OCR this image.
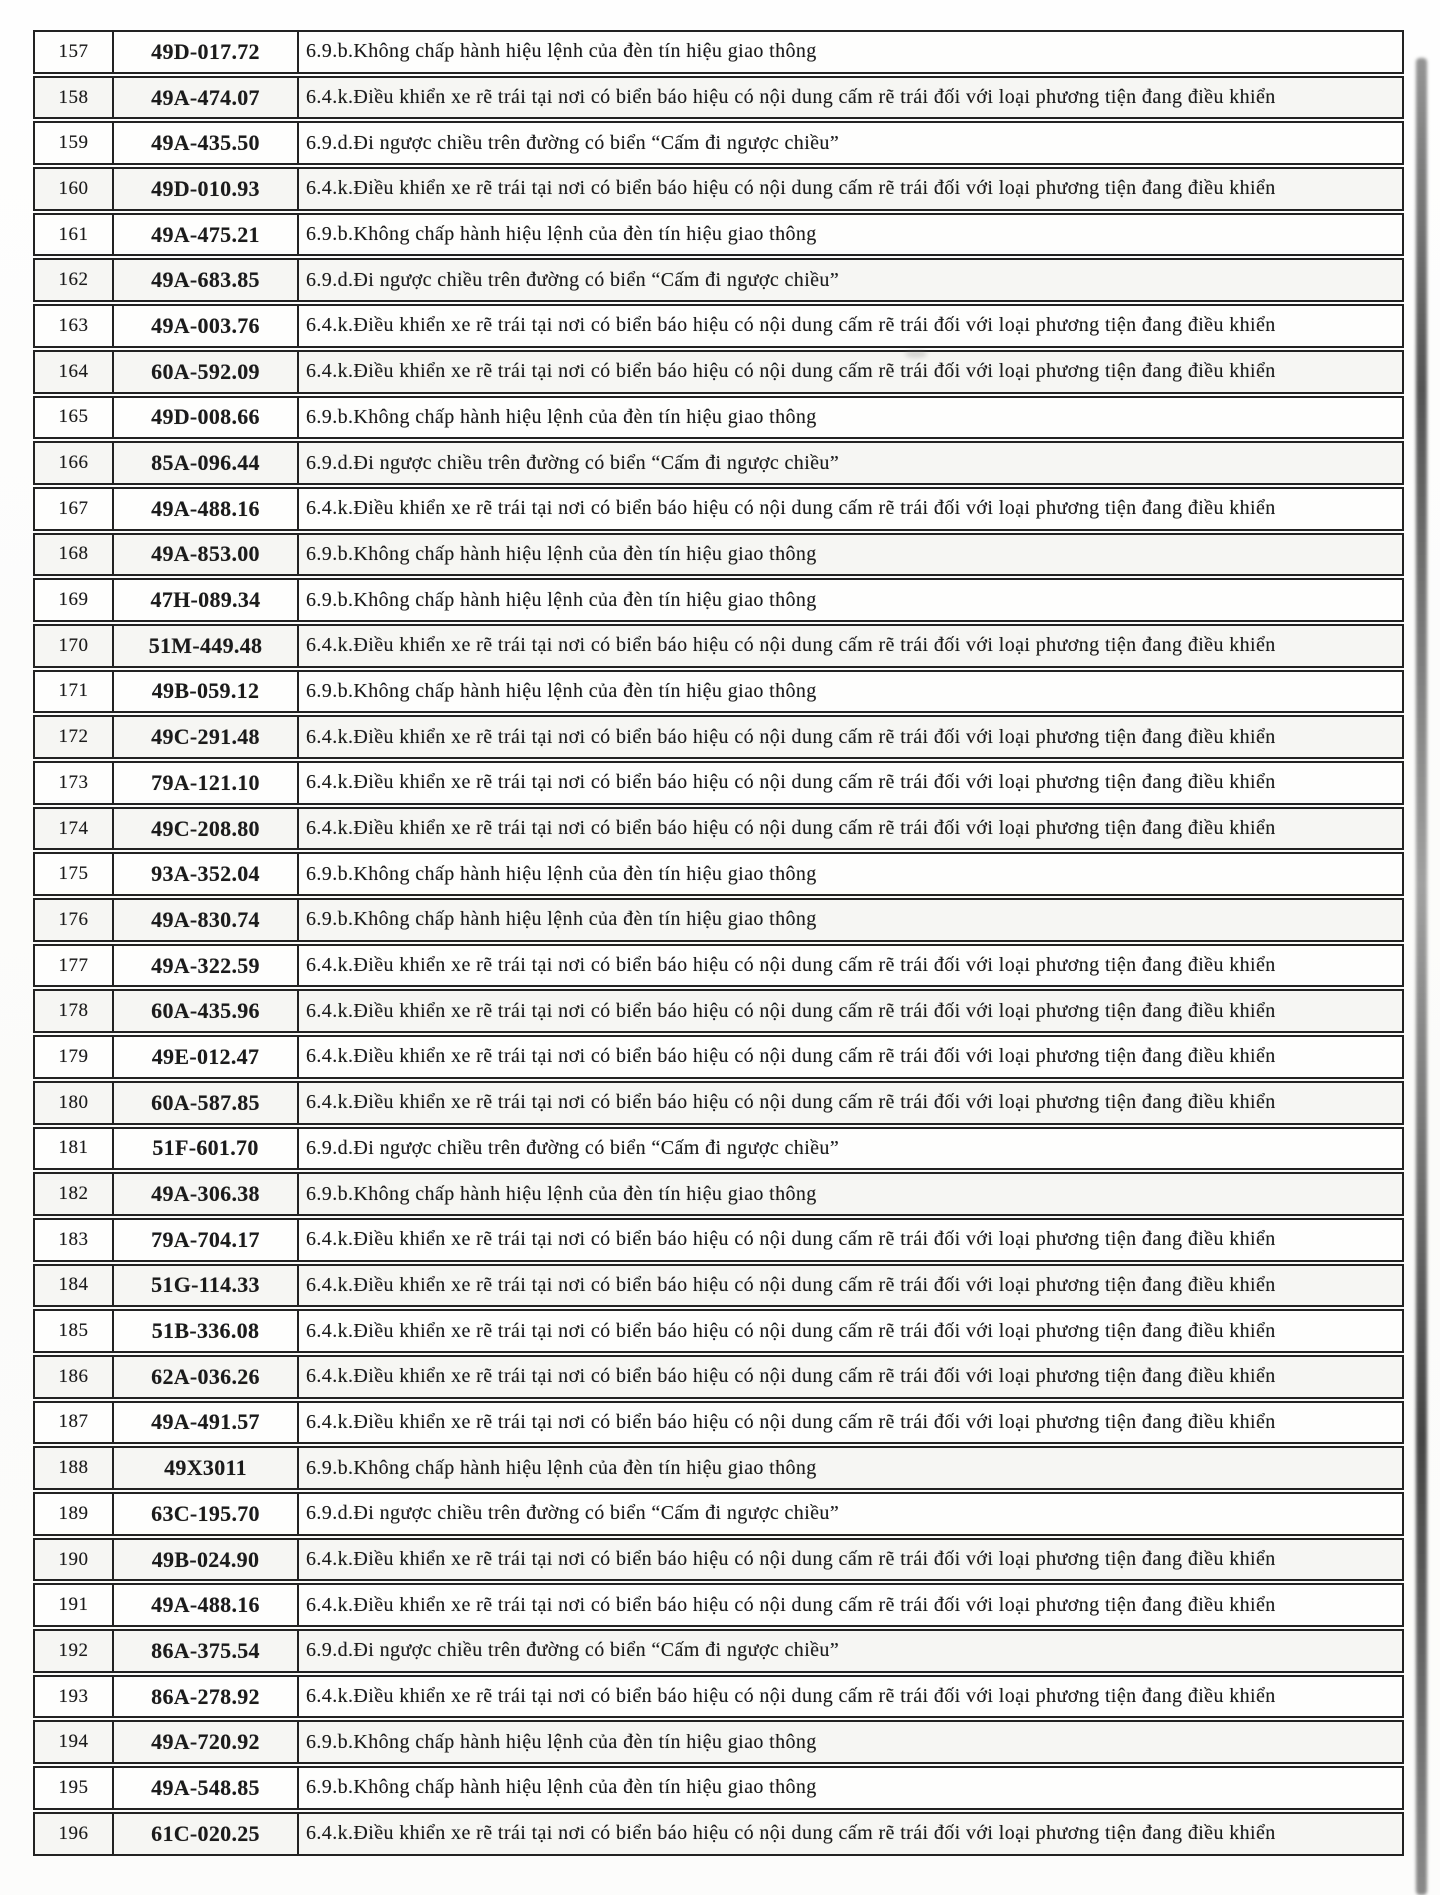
157	49D-017.72	6.9.b.Không chấp hành hiệu lệnh của đèn tín hiệu giao thông
158	49A-474.07	6.4.k.Điều khiển xe rẽ trái tại nơi có biển báo hiệu có nội dung cấm rẽ trái đối với loại phương tiện đang điều khiển
159	49A-435.50	6.9.d.Đi ngược chiều trên đường có biển “Cấm đi ngược chiều”
160	49D-010.93	6.4.k.Điều khiển xe rẽ trái tại nơi có biển báo hiệu có nội dung cấm rẽ trái đối với loại phương tiện đang điều khiển
161	49A-475.21	6.9.b.Không chấp hành hiệu lệnh của đèn tín hiệu giao thông
162	49A-683.85	6.9.d.Đi ngược chiều trên đường có biển “Cấm đi ngược chiều”
163	49A-003.76	6.4.k.Điều khiển xe rẽ trái tại nơi có biển báo hiệu có nội dung cấm rẽ trái đối với loại phương tiện đang điều khiển
164	60A-592.09	6.4.k.Điều khiển xe rẽ trái tại nơi có biển báo hiệu có nội dung cấm rẽ trái đối với loại phương tiện đang điều khiển
165	49D-008.66	6.9.b.Không chấp hành hiệu lệnh của đèn tín hiệu giao thông
166	85A-096.44	6.9.d.Đi ngược chiều trên đường có biển “Cấm đi ngược chiều”
167	49A-488.16	6.4.k.Điều khiển xe rẽ trái tại nơi có biển báo hiệu có nội dung cấm rẽ trái đối với loại phương tiện đang điều khiển
168	49A-853.00	6.9.b.Không chấp hành hiệu lệnh của đèn tín hiệu giao thông
169	47H-089.34	6.9.b.Không chấp hành hiệu lệnh của đèn tín hiệu giao thông
170	51M-449.48	6.4.k.Điều khiển xe rẽ trái tại nơi có biển báo hiệu có nội dung cấm rẽ trái đối với loại phương tiện đang điều khiển
171	49B-059.12	6.9.b.Không chấp hành hiệu lệnh của đèn tín hiệu giao thông
172	49C-291.48	6.4.k.Điều khiển xe rẽ trái tại nơi có biển báo hiệu có nội dung cấm rẽ trái đối với loại phương tiện đang điều khiển
173	79A-121.10	6.4.k.Điều khiển xe rẽ trái tại nơi có biển báo hiệu có nội dung cấm rẽ trái đối với loại phương tiện đang điều khiển
174	49C-208.80	6.4.k.Điều khiển xe rẽ trái tại nơi có biển báo hiệu có nội dung cấm rẽ trái đối với loại phương tiện đang điều khiển
175	93A-352.04	6.9.b.Không chấp hành hiệu lệnh của đèn tín hiệu giao thông
176	49A-830.74	6.9.b.Không chấp hành hiệu lệnh của đèn tín hiệu giao thông
177	49A-322.59	6.4.k.Điều khiển xe rẽ trái tại nơi có biển báo hiệu có nội dung cấm rẽ trái đối với loại phương tiện đang điều khiển
178	60A-435.96	6.4.k.Điều khiển xe rẽ trái tại nơi có biển báo hiệu có nội dung cấm rẽ trái đối với loại phương tiện đang điều khiển
179	49E-012.47	6.4.k.Điều khiển xe rẽ trái tại nơi có biển báo hiệu có nội dung cấm rẽ trái đối với loại phương tiện đang điều khiển
180	60A-587.85	6.4.k.Điều khiển xe rẽ trái tại nơi có biển báo hiệu có nội dung cấm rẽ trái đối với loại phương tiện đang điều khiển
181	51F-601.70	6.9.d.Đi ngược chiều trên đường có biển “Cấm đi ngược chiều”
182	49A-306.38	6.9.b.Không chấp hành hiệu lệnh của đèn tín hiệu giao thông
183	79A-704.17	6.4.k.Điều khiển xe rẽ trái tại nơi có biển báo hiệu có nội dung cấm rẽ trái đối với loại phương tiện đang điều khiển
184	51G-114.33	6.4.k.Điều khiển xe rẽ trái tại nơi có biển báo hiệu có nội dung cấm rẽ trái đối với loại phương tiện đang điều khiển
185	51B-336.08	6.4.k.Điều khiển xe rẽ trái tại nơi có biển báo hiệu có nội dung cấm rẽ trái đối với loại phương tiện đang điều khiển
186	62A-036.26	6.4.k.Điều khiển xe rẽ trái tại nơi có biển báo hiệu có nội dung cấm rẽ trái đối với loại phương tiện đang điều khiển
187	49A-491.57	6.4.k.Điều khiển xe rẽ trái tại nơi có biển báo hiệu có nội dung cấm rẽ trái đối với loại phương tiện đang điều khiển
188	49X3011	6.9.b.Không chấp hành hiệu lệnh của đèn tín hiệu giao thông
189	63C-195.70	6.9.d.Đi ngược chiều trên đường có biển “Cấm đi ngược chiều”
190	49B-024.90	6.4.k.Điều khiển xe rẽ trái tại nơi có biển báo hiệu có nội dung cấm rẽ trái đối với loại phương tiện đang điều khiển
191	49A-488.16	6.4.k.Điều khiển xe rẽ trái tại nơi có biển báo hiệu có nội dung cấm rẽ trái đối với loại phương tiện đang điều khiển
192	86A-375.54	6.9.d.Đi ngược chiều trên đường có biển “Cấm đi ngược chiều”
193	86A-278.92	6.4.k.Điều khiển xe rẽ trái tại nơi có biển báo hiệu có nội dung cấm rẽ trái đối với loại phương tiện đang điều khiển
194	49A-720.92	6.9.b.Không chấp hành hiệu lệnh của đèn tín hiệu giao thông
195	49A-548.85	6.9.b.Không chấp hành hiệu lệnh của đèn tín hiệu giao thông
196	61C-020.25	6.4.k.Điều khiển xe rẽ trái tại nơi có biển báo hiệu có nội dung cấm rẽ trái đối với loại phương tiện đang điều khiển
